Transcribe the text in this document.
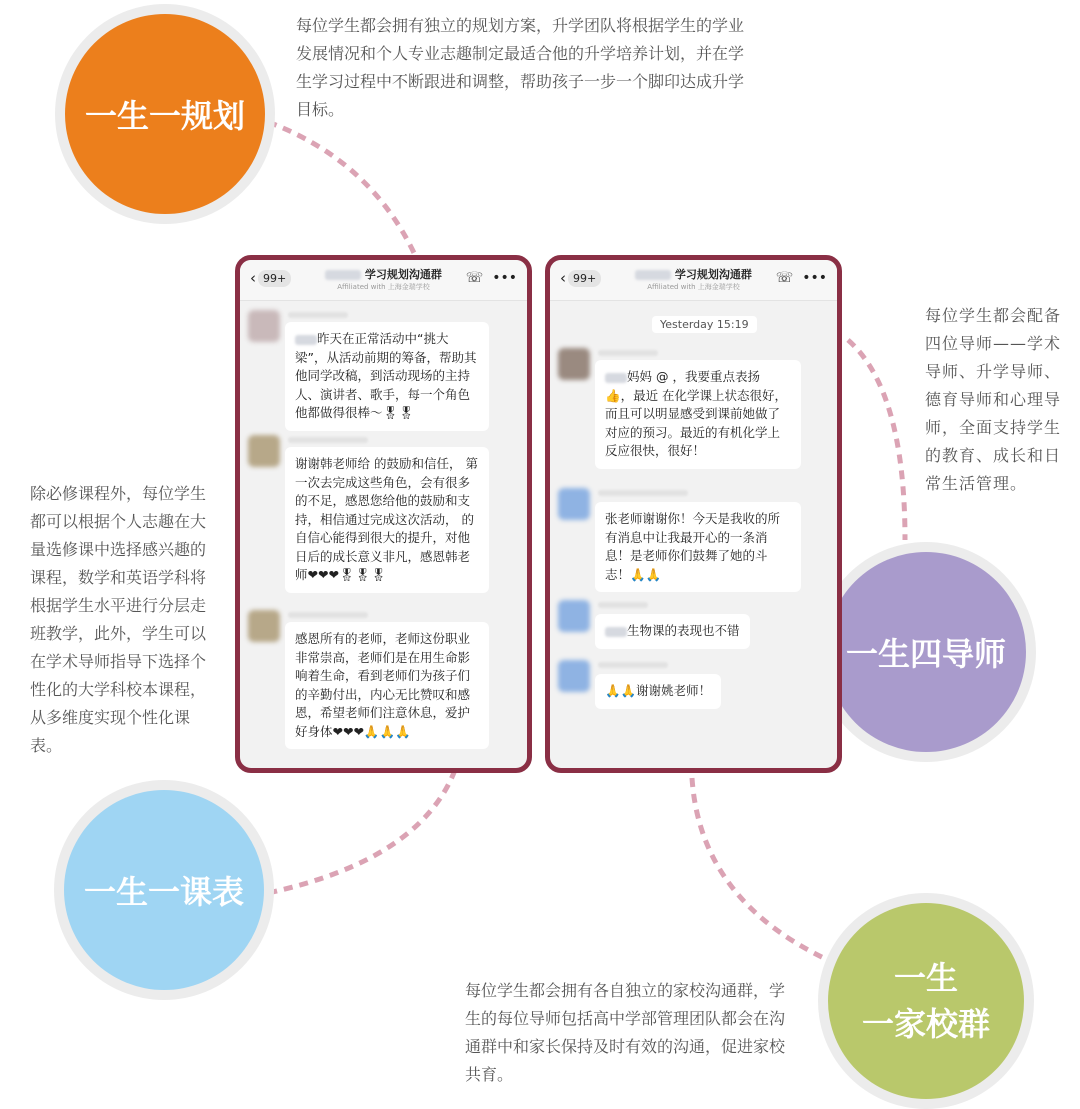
一生一规划
一生一课表
一生四导师
一生
一家校群
每位学生都会拥有独立的规划方案，升学团队将根据学生的学业发展情况和个人专业志趣制定最适合他的升学培养计划，并在学生学习过程中不断跟进和调整，帮助孩子一步一个脚印达成升学目标。
除必修课程外，每位学生都可以根据个人志趣在大量选修课中选择感兴趣的课程，数学和英语学科将根据学生水平进行分层走班教学，此外，学生可以在学术导师指导下选择个性化的大学科校本课程，从多维度实现个性化课表。
每位学生都会配备四位导师——学术导师、升学导师、德育导师和心理导师，全面支持学生的教育、成长和日常生活管理。
每位学生都会拥有各自独立的家校沟通群，学生的每位导师包括高中学部管理团队都会在沟通群中和家长保持及时有效的沟通，促进家校共育。
‹ 99+	学习规划沟通群
Affiliated with 上海金瑞学校
☏ •••
昨天在正常活动中“挑大梁”，从活动前期的筹备，帮助其他同学改稿，到活动现场的主持人、演讲者、歌手，每一个角色他都做得很棒～🎖🎖
谢谢韩老师给 的鼓励和信任， 第一次去完成这些角色，会有很多的不足，感恩您给他的鼓励和支持，相信通过完成这次活动， 的自信心能得到很大的提升，对他日后的成长意义非凡，感恩韩老师❤❤❤🎖🎖🎖
感恩所有的老师，老师这份职业非常崇高，老师们是在用生命影响着生命，看到老师们为孩子们的辛勤付出，内心无比赞叹和感恩，希望老师们注意休息，爱护好身体❤❤❤🙏🙏🙏
‹ 99+	学习规划沟通群
Affiliated with 上海金瑞学校
☏ •••
Yesterday 15:19
妈妈 @ ，我要重点表扬 👍，最近 在化学课上状态很好，而且可以明显感受到课前她做了对应的预习。最近的有机化学上 反应很快，很好！
张老师谢谢你！今天是我收的所有消息中让我最开心的一条消息！是老师你们鼓舞了她的斗志！🙏🙏
生物课的表现也不错
🙏🙏谢谢姚老师！
